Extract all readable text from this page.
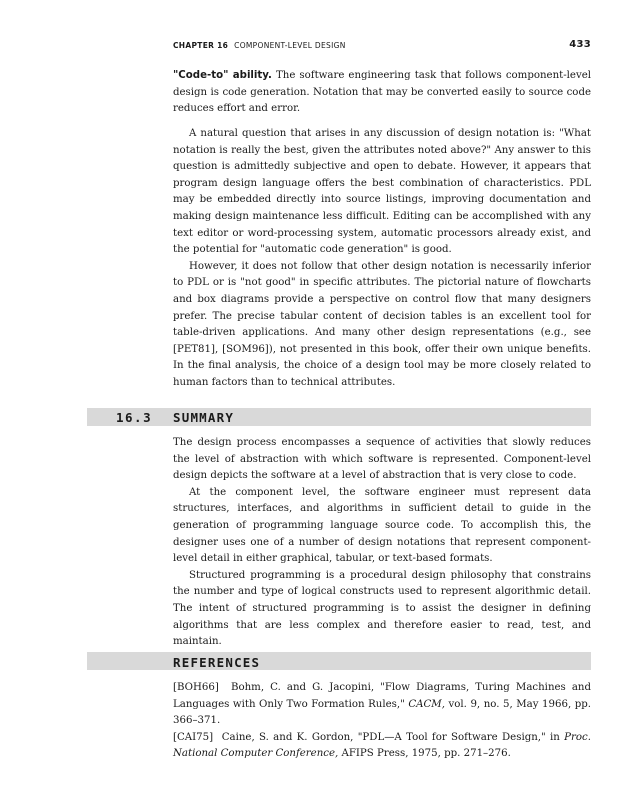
CHAPTER 16 COMPONENT-LEVEL DESIGN	433

"Code-to" ability. The software engineering task that follows component-level design is code generation. Notation that may be converted easily to source code reduces effort and error.

A natural question that arises in any discussion of design notation is: "What notation is really the best, given the attributes noted above?" Any answer to this question is admittedly subjective and open to debate. However, it appears that program design language offers the best combination of characteristics. PDL may be embedded directly into source listings, improving documentation and making design maintenance less difficult. Editing can be accomplished with any text editor or word-processing system, automatic processors already exist, and the potential for "automatic code generation" is good.

However, it does not follow that other design notation is necessarily inferior to PDL or is "not good" in specific attributes. The pictorial nature of flowcharts and box diagrams provide a perspective on control flow that many designers prefer. The precise tabular content of decision tables is an excellent tool for table-driven applications. And many other design representations (e.g., see [PET81], [SOM96]), not presented in this book, offer their own unique benefits. In the final analysis, the choice of a design tool may be more closely related to human factors than to technical attributes.

16.3 SUMMARY

The design process encompasses a sequence of activities that slowly reduces the level of abstraction with which software is represented. Component-level design depicts the software at a level of abstraction that is very close to code.

At the component level, the software engineer must represent data structures, interfaces, and algorithms in sufficient detail to guide in the generation of programming language source code. To accomplish this, the designer uses one of a number of design notations that represent component-level detail in either graphical, tabular, or text-based formats.

Structured programming is a procedural design philosophy that constrains the number and type of logical constructs used to represent algorithmic detail. The intent of structured programming is to assist the designer in defining algorithms that are less complex and therefore easier to read, test, and maintain.

REFERENCES

[BOH66] Bohm, C. and G. Jacopini, "Flow Diagrams, Turing Machines and Languages with Only Two Formation Rules," CACM, vol. 9, no. 5, May 1966, pp. 366–371.

[CAI75] Caine, S. and K. Gordon, "PDL—A Tool for Software Design," in Proc. National Computer Conference, AFIPS Press, 1975, pp. 271–276.
